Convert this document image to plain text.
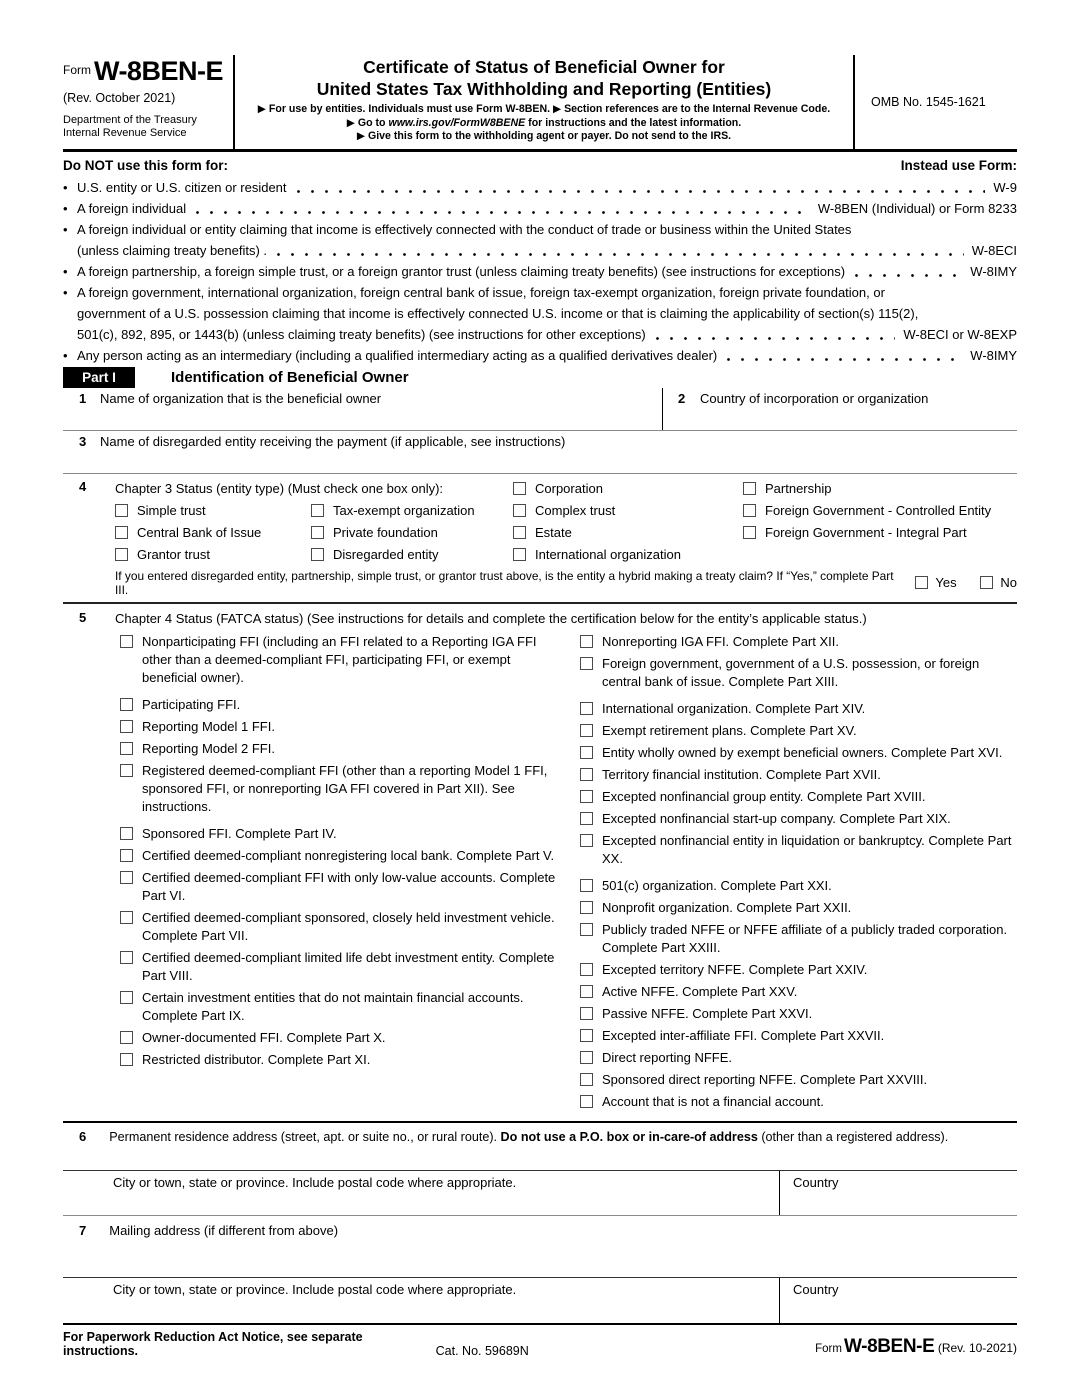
$^{Form}$ W-8BEN-E
(Rev. October 2021)
Department of the Treasury
Internal Revenue Service
Certificate of Status of Beneficial Owner for
United States Tax Withholding and Reporting (Entities)
▶ For use by entities. Individuals must use Form W-8BEN. ▶ Section references are to the Internal Revenue Code.
▶ Go to www.irs.gov/FormW8BENE for instructions and the latest information.
▶ Give this form to the withholding agent or payer. Do not send to the IRS.
OMB No. 1545-1621
Do NOT use this form for:	Instead use Form:
•
U.S. entity or U.S. citizen or resident	W-9
•
A foreign individual	W-8BEN (Individual) or Form 8233
•
A foreign individual or entity claiming that income is effectively connected with the conduct of trade or business within the United States
(unless claiming treaty benefits) .	W-8ECI
•
A foreign partnership, a foreign simple trust, or a foreign grantor trust (unless claiming treaty benefits) (see instructions for exceptions)	W-8IMY
•
A foreign government, international organization, foreign central bank of issue, foreign tax-exempt organization, foreign private foundation, or
government of a U.S. possession claiming that income is effectively connected U.S. income or that is claiming the applicability of section(s) 115(2),
501(c), 892, 895, or 1443(b) (unless claiming treaty benefits) (see instructions for other exceptions)	W-8ECI or W-8EXP
•
Any person acting as an intermediary (including a qualified intermediary acting as a qualified derivatives dealer)	W-8IMY
Part I	Identification of Beneficial Owner
1 Name of organization that is the beneficial owner	2 Country of incorporation or organization
3 Name of disregarded entity receiving the payment (if applicable, see instructions)
4 Chapter 3 Status (entity type) (Must check one box only):	Corporation	Partnership
Simple trust	Tax-exempt organization	Complex trust	Foreign Government - Controlled Entity
Central Bank of Issue	Private foundation	Estate	Foreign Government - Integral Part
Grantor trust	Disregarded entity	International organization
If you entered disregarded entity, partnership, simple trust, or grantor trust above, is the entity a hybrid making a treaty claim? If “Yes,” complete Part III.	Yes	No
5 Chapter 4 Status (FATCA status) (See instructions for details and complete the certification below for the entity’s applicable status.)
Nonparticipating FFI (including an FFI related to a Reporting IGA FFI other than a deemed-compliant FFI, participating FFI, or exempt beneficial owner).
Participating FFI.
Reporting Model 1 FFI.
Reporting Model 2 FFI.
Registered deemed-compliant FFI (other than a reporting Model 1 FFI, sponsored FFI, or nonreporting IGA FFI covered in Part XII). See instructions.
Sponsored FFI. Complete Part IV.
Certified deemed-compliant nonregistering local bank. Complete Part V.
Certified deemed-compliant FFI with only low-value accounts. Complete Part VI.
Certified deemed-compliant sponsored, closely held investment vehicle. Complete Part VII.
Certified deemed-compliant limited life debt investment entity. Complete Part VIII.
Certain investment entities that do not maintain financial accounts. Complete Part IX.
Owner-documented FFI. Complete Part X.
Restricted distributor. Complete Part XI.
Nonreporting IGA FFI. Complete Part XII.
Foreign government, government of a U.S. possession, or foreign central bank of issue. Complete Part XIII.
International organization. Complete Part XIV.
Exempt retirement plans. Complete Part XV.
Entity wholly owned by exempt beneficial owners. Complete Part XVI.
Territory financial institution. Complete Part XVII.
Excepted nonfinancial group entity. Complete Part XVIII.
Excepted nonfinancial start-up company. Complete Part XIX.
Excepted nonfinancial entity in liquidation or bankruptcy. Complete Part XX.
501(c) organization. Complete Part XXI.
Nonprofit organization. Complete Part XXII.
Publicly traded NFFE or NFFE affiliate of a publicly traded corporation. Complete Part XXIII.
Excepted territory NFFE. Complete Part XXIV.
Active NFFE. Complete Part XXV.
Passive NFFE. Complete Part XXVI.
Excepted inter-affiliate FFI. Complete Part XXVII.
Direct reporting NFFE.
Sponsored direct reporting NFFE. Complete Part XXVIII.
Account that is not a financial account.
6 Permanent residence address (street, apt. or suite no., or rural route). Do not use a P.O. box or in-care-of address (other than a registered address).
City or town, state or province. Include postal code where appropriate.	Country
7 Mailing address (if different from above)
City or town, state or province. Include postal code where appropriate.	Country
For Paperwork Reduction Act Notice, see separate instructions.	Cat. No. 59689N	Form W-8BEN-E (Rev. 10-2021)
